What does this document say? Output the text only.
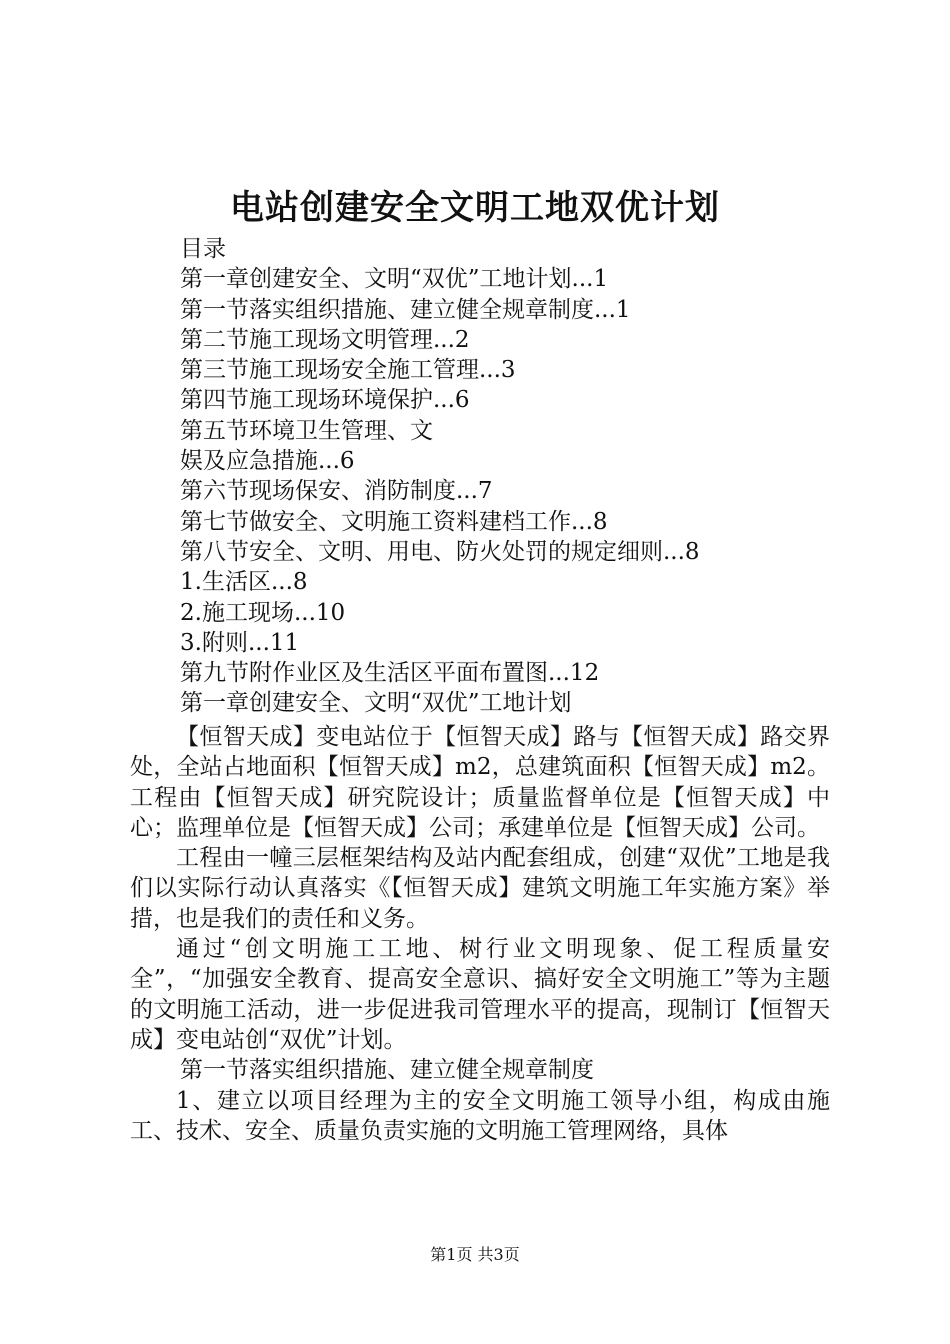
电站创建安全文明工地双优计划
目录
第一章创建安全、文明“双优”工地计划...1
第一节落实组织措施、建立健全规章制度...1
第二节施工现场文明管理...2
第三节施工现场安全施工管理...3
第四节施工现场环境保护...6
第五节环境卫生管理、文
娱及应急措施...6
第六节现场保安、消防制度...7
第七节做安全、文明施工资料建档工作...8
第八节安全、文明、用电、防火处罚的规定细则...8
1.生活区...8
2.施工现场...10
3.附则...11
第九节附作业区及生活区平面布置图...12
第一章创建安全、文明“双优”工地计划

【恒智天成】变电站位于【恒智天成】路与【恒智天成】路交界处，全站占地面积【恒智天成】m2，总建筑面积【恒智天成】m2。工程由【恒智天成】研究院设计；质量监督单位是【恒智天成】中心；监理单位是【恒智天成】公司；承建单位是【恒智天成】公司。

工程由一幢三层框架结构及站内配套组成，创建“双优”工地是我们以实际行动认真落实《【恒智天成】建筑文明施工年实施方案》举措，也是我们的责任和义务。

通过“创文明施工工地、树行业文明现象、促工程质量安全”，“加强安全教育、提高安全意识、搞好安全文明施工”等为主题的文明施工活动，进一步促进我司管理水平的提高，现制订【恒智天成】变电站创“双优”计划。

第一节落实组织措施、建立健全规章制度

1、建立以项目经理为主的安全文明施工领导小组，构成由施工、技术、安全、质量负责实施的文明施工管理网络，具体

第1页 共3页
